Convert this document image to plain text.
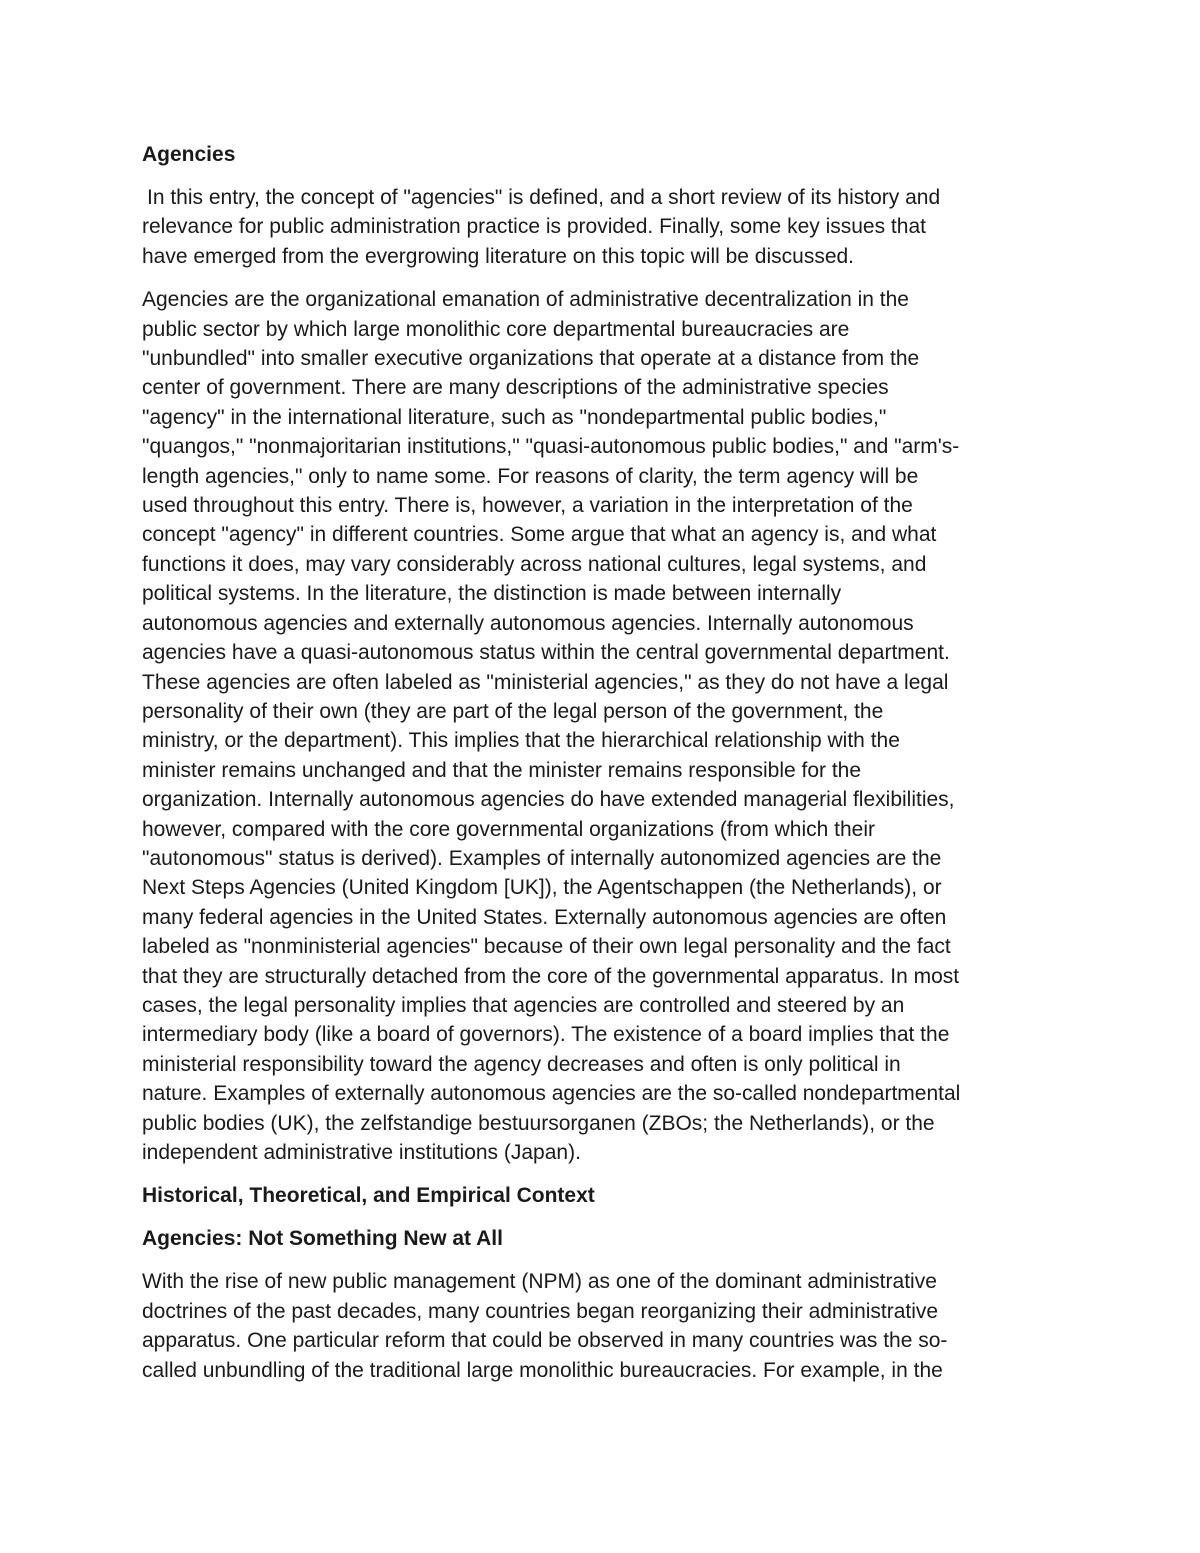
Agencies
In this entry, the concept of "agencies" is defined, and a short review of its history and
relevance for public administration practice is provided. Finally, some key issues that
have emerged from the evergrowing literature on this topic will be discussed.
Agencies are the organizational emanation of administrative decentralization in the
public sector by which large monolithic core departmental bureaucracies are
"unbundled" into smaller executive organizations that operate at a distance from the
center of government. There are many descriptions of the administrative species
"agency" in the international literature, such as "nondepartmental public bodies,"
"quangos," "nonmajoritarian institutions," "quasi-autonomous public bodies," and "arm's-
length agencies," only to name some. For reasons of clarity, the term agency will be
used throughout this entry. There is, however, a variation in the interpretation of the
concept "agency" in different countries. Some argue that what an agency is, and what
functions it does, may vary considerably across national cultures, legal systems, and
political systems. In the literature, the distinction is made between internally
autonomous agencies and externally autonomous agencies. Internally autonomous
agencies have a quasi-autonomous status within the central governmental department.
These agencies are often labeled as "ministerial agencies," as they do not have a legal
personality of their own (they are part of the legal person of the government, the
ministry, or the department). This implies that the hierarchical relationship with the
minister remains unchanged and that the minister remains responsible for the
organization. Internally autonomous agencies do have extended managerial flexibilities,
however, compared with the core governmental organizations (from which their
"autonomous" status is derived). Examples of internally autonomized agencies are the
Next Steps Agencies (United Kingdom [UK]), the Agentschappen (the Netherlands), or
many federal agencies in the United States. Externally autonomous agencies are often
labeled as "nonministerial agencies" because of their own legal personality and the fact
that they are structurally detached from the core of the governmental apparatus. In most
cases, the legal personality implies that agencies are controlled and steered by an
intermediary body (like a board of governors). The existence of a board implies that the
ministerial responsibility toward the agency decreases and often is only political in
nature. Examples of externally autonomous agencies are the so-called nondepartmental
public bodies (UK), the zelfstandige bestuursorganen (ZBOs; the Netherlands), or the
independent administrative institutions (Japan).
Historical, Theoretical, and Empirical Context
Agencies: Not Something New at All
With the rise of new public management (NPM) as one of the dominant administrative
doctrines of the past decades, many countries began reorganizing their administrative
apparatus. One particular reform that could be observed in many countries was the so-
called unbundling of the traditional large monolithic bureaucracies. For example, in the
